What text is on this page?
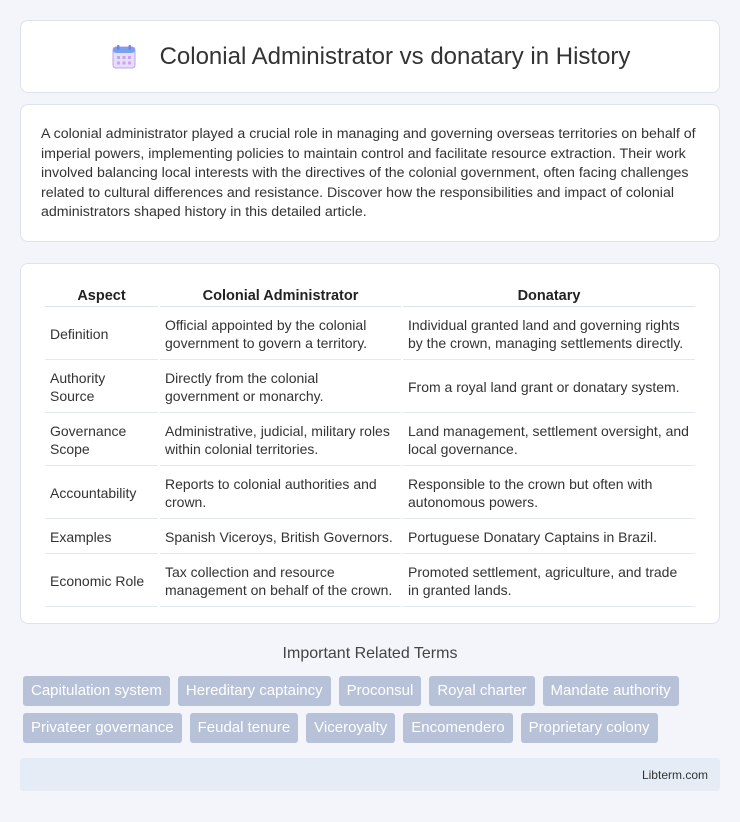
Colonial Administrator vs donatary in History

A colonial administrator played a crucial role in managing and governing overseas territories on behalf of imperial powers, implementing policies to maintain control and facilitate resource extraction. Their work involved balancing local interests with the directives of the colonial government, often facing challenges related to cultural differences and resistance. Discover how the responsibilities and impact of colonial administrators shaped history in this detailed article.

Aspect	Colonial Administrator	Donatary
Definition	Official appointed by the colonial government to govern a territory.	Individual granted land and governing rights by the crown, managing settlements directly.
Authority Source	Directly from the colonial government or monarchy.	From a royal land grant or donatary system.
Governance Scope	Administrative, judicial, military roles within colonial territories.	Land management, settlement oversight, and local governance.
Accountability	Reports to colonial authorities and crown.	Responsible to the crown but often with autonomous powers.
Examples	Spanish Viceroys, British Governors.	Portuguese Donatary Captains in Brazil.
Economic Role	Tax collection and resource management on behalf of the crown.	Promoted settlement, agriculture, and trade in granted lands.
Important Related Terms
Capitulation system	Hereditary captaincy	Proconsul	Royal charter	Mandate authority
Privateer governance	Feudal tenure	Viceroyalty	Encomendero	Proprietary colony
Libterm.com
